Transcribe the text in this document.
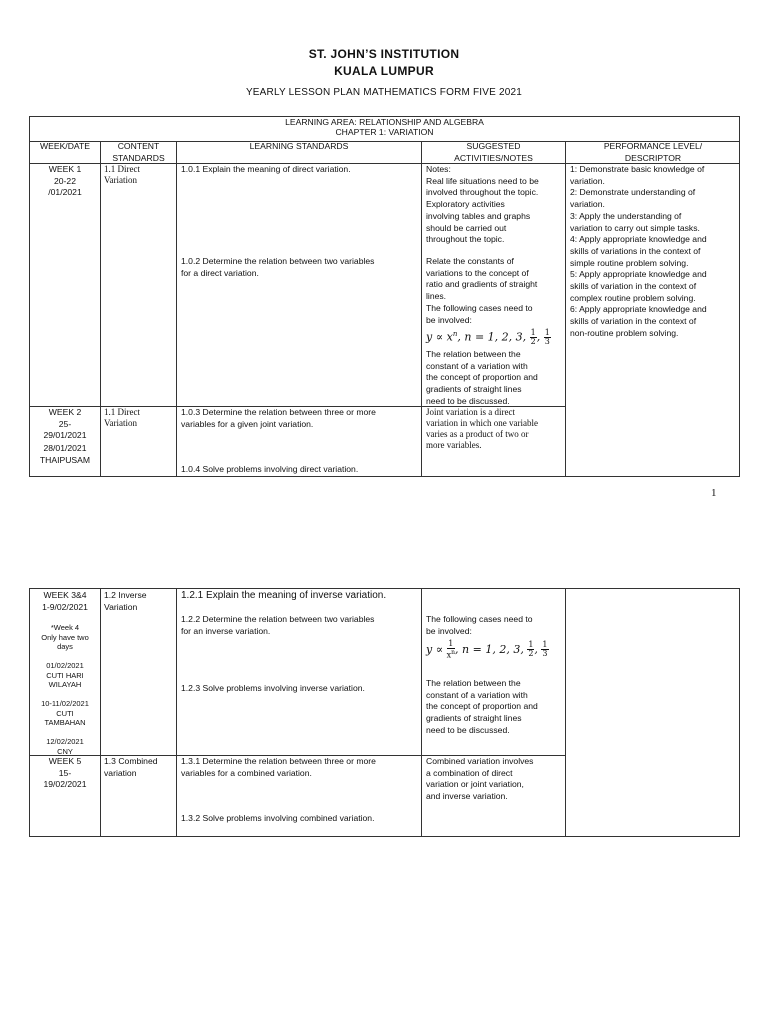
ST. JOHN’S INSTITUTION
KUALA LUMPUR
YEARLY LESSON PLAN MATHEMATICS FORM FIVE 2021
LEARNING AREA: RELATIONSHIP AND ALGEBRA
CHAPTER 1: VARIATION
WEEK/DATE	CONTENT
STANDARDS
LEARNING STANDARDS	SUGGESTED
ACTIVITIES/NOTES
PERFORMANCE LEVEL/
DESCRIPTOR
WEEK 1
20-22
/01/2021
1.1 Direct
Variation
1.0.1 Explain the meaning of direct variation.
1.0.2 Determine the relation between two variables
for a direct variation.
Notes:
Real life situations need to be
involved throughout the topic.
Exploratory activities
involving tables and graphs
should be carried out
throughout the topic.
Relate the constants of
variations to the concept of
ratio and gradients of straight
lines.
The following cases need to
be involved:
$y \propto x^n$, n = 1, 2, 3, $\frac{1}{2}$ , $\frac{1}{3}$
The relation between the
constant of a variation with
the concept of proportion and
gradients of straight lines
need to be discussed.
1: Demonstrate basic knowledge of
variation.
2: Demonstrate understanding of
variation.
3: Apply the understanding of
variation to carry out simple tasks.
4: Apply appropriate knowledge and
skills of variations in the context of
simple routine problem solving.
5: Apply appropriate knowledge and
skills of variation in the context of
complex routine problem solving.
6: Apply appropriate knowledge and
skills of variation in the context of
non-routine problem solving.
WEEK 2
25-
29/01/2021
28/01/2021
THAIPUSAM
1.1 Direct
Variation
1.0.3 Determine the relation between three or more
variables for a given joint variation.
1.0.4 Solve problems involving direct variation.
Joint variation is a direct
variation in which one variable
varies as a product of two or
more variables.
1
WEEK 3&4
1-9/02/2021
*Week 4
Only have two
days

01/02/2021
CUTI HARI
WILAYAH

10-11/02/2021
CUTI
TAMBAHAN

12/02/2021
CNY
1.2 Inverse
Variation
1.2.1 Explain the meaning of inverse variation.
1.2.2 Determine the relation between two variables
for an inverse variation.
1.2.3 Solve problems involving inverse variation.
The following cases need to
be involved:
$y \propto \frac{1}{x^n}$ , n = 1, 2, 3, $\frac{1}{2}$ , $\frac{1}{3}$
The relation between the
constant of a variation with
the concept of proportion and
gradients of straight lines
need to be discussed.
WEEK 5
15-
19/02/2021
1.3 Combined
variation
1.3.1 Determine the relation between three or more
variables for a combined variation.
1.3.2 Solve problems involving combined variation.
Combined variation involves
a combination of direct
variation or joint variation,
and inverse variation.
